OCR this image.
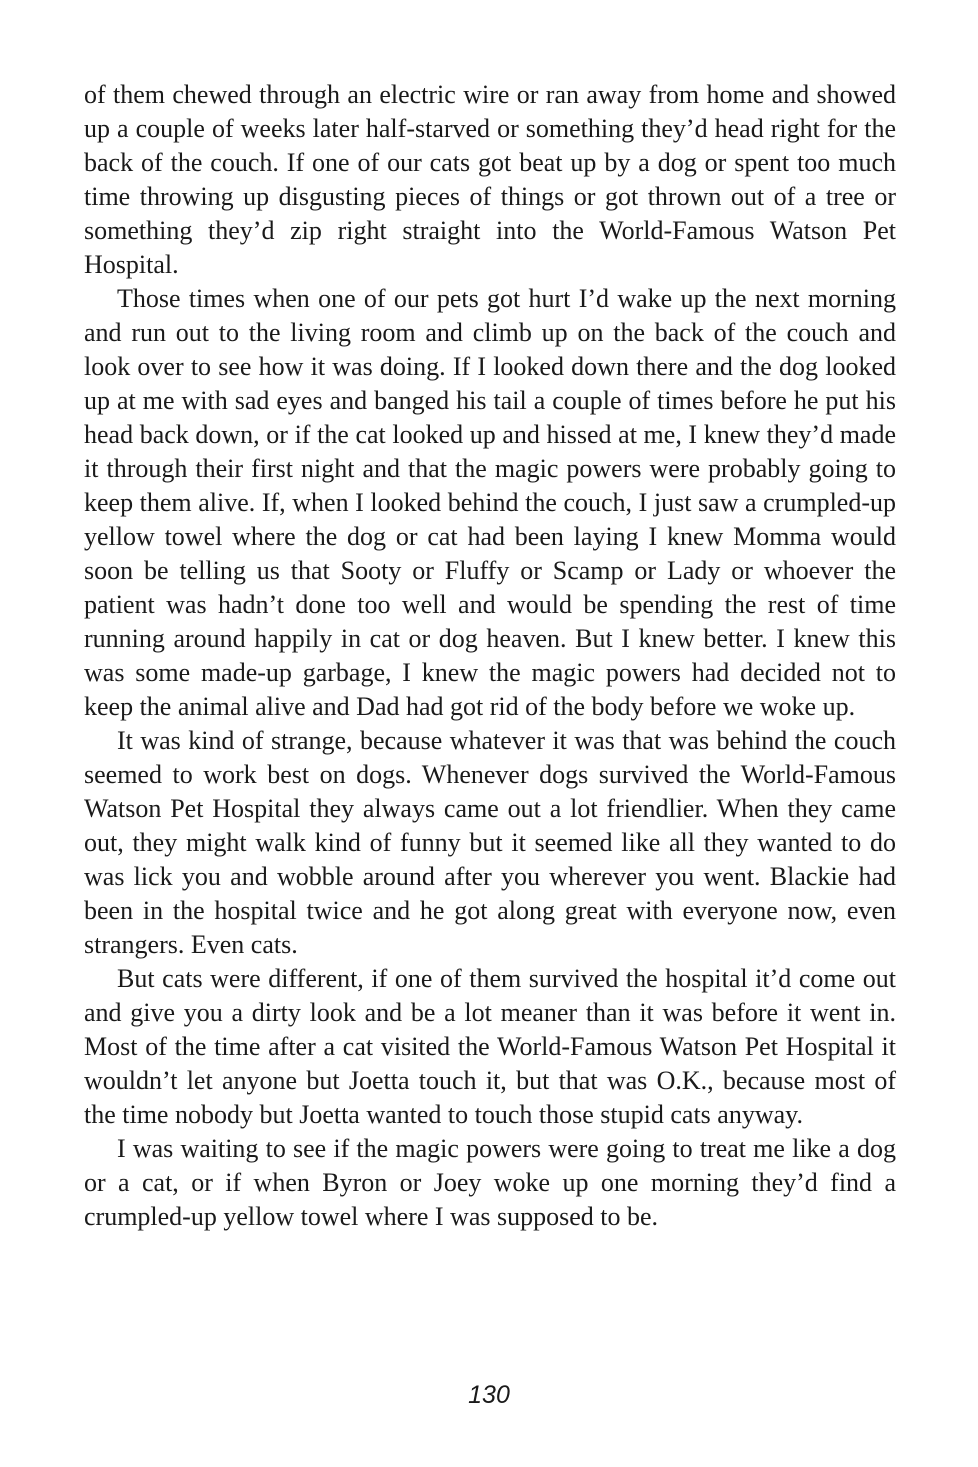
of them chewed through an electric wire or ran away from home and showed up a couple of weeks later half-starved or something they’d head right for the back of the couch. If one of our cats got beat up by a dog or spent too much time throwing up disgusting pieces of things or got thrown out of a tree or something they’d zip right straight into the World-Famous Watson Pet Hospital.

Those times when one of our pets got hurt I’d wake up the next morning and run out to the living room and climb up on the back of the couch and look over to see how it was doing. If I looked down there and the dog looked up at me with sad eyes and banged his tail a couple of times before he put his head back down, or if the cat looked up and hissed at me, I knew they’d made it through their first night and that the magic powers were probably going to keep them alive. If, when I looked behind the couch, I just saw a crumpled-up yellow towel where the dog or cat had been laying I knew Momma would soon be telling us that Sooty or Fluffy or Scamp or Lady or whoever the patient was hadn’t done too well and would be spending the rest of time running around happily in cat or dog heaven. But I knew better. I knew this was some made-up garbage, I knew the magic powers had decided not to keep the animal alive and Dad had got rid of the body before we woke up.

It was kind of strange, because whatever it was that was behind the couch seemed to work best on dogs. Whenever dogs survived the World-Famous Watson Pet Hospital they always came out a lot friendlier. When they came out, they might walk kind of funny but it seemed like all they wanted to do was lick you and wobble around after you wherever you went. Blackie had been in the hospital twice and he got along great with everyone now, even strangers. Even cats.

But cats were different, if one of them survived the hospital it’d come out and give you a dirty look and be a lot meaner than it was before it went in. Most of the time after a cat visited the World-Famous Watson Pet Hospital it wouldn’t let anyone but Joetta touch it, but that was O.K., because most of the time nobody but Joetta wanted to touch those stupid cats anyway.

I was waiting to see if the magic powers were going to treat me like a dog or a cat, or if when Byron or Joey woke up one morning they’d find a crumpled-up yellow towel where I was supposed to be.

130
